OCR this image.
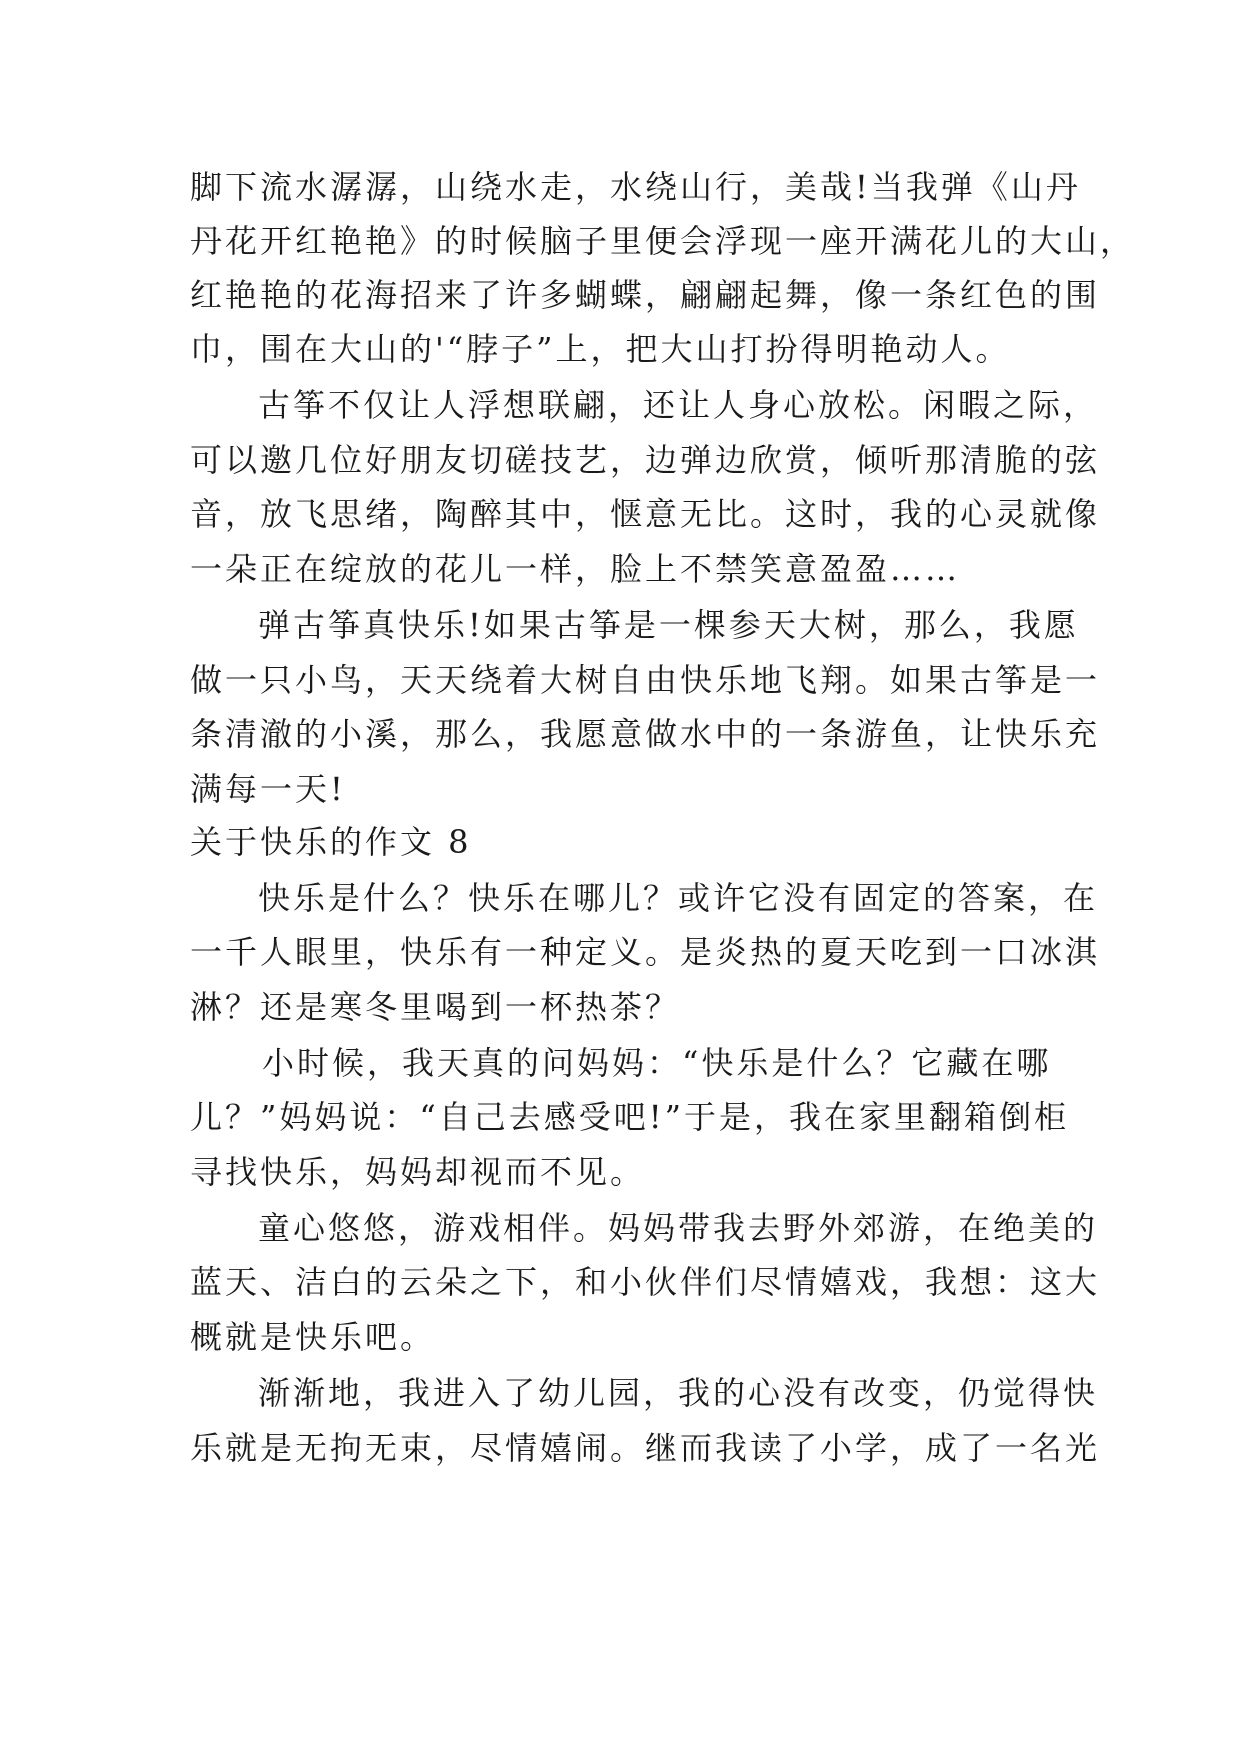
脚下流水潺潺，山绕水走，水绕山行，美哉!当我弹《山丹
丹花开红艳艳》的时候脑子里便会浮现一座开满花儿的大山，
红艳艳的花海招来了许多蝴蝶，翩翩起舞，像一条红色的围
巾，围在大山的'“脖子”上，把大山打扮得明艳动人。
古筝不仅让人浮想联翩，还让人身心放松。闲暇之际，
可以邀几位好朋友切磋技艺，边弹边欣赏，倾听那清脆的弦
音，放飞思绪，陶醉其中，惬意无比。这时，我的心灵就像
一朵正在绽放的花儿一样，脸上不禁笑意盈盈……
弹古筝真快乐!如果古筝是一棵参天大树，那么，我愿
做一只小鸟，天天绕着大树自由快乐地飞翔。如果古筝是一
条清澈的小溪，那么，我愿意做水中的一条游鱼，让快乐充
满每一天!
关于快乐的作文 8
快乐是什么？快乐在哪儿？或许它没有固定的答案，在
一千人眼里，快乐有一种定义。是炎热的夏天吃到一口冰淇
淋？还是寒冬里喝到一杯热茶？
小时候，我天真的问妈妈：“快乐是什么？它藏在哪
儿？”妈妈说：“自己去感受吧!”于是，我在家里翻箱倒柜
寻找快乐，妈妈却视而不见。
童心悠悠，游戏相伴。妈妈带我去野外郊游，在绝美的
蓝天、洁白的云朵之下，和小伙伴们尽情嬉戏，我想：这大
概就是快乐吧。
渐渐地，我进入了幼儿园，我的心没有改变，仍觉得快
乐就是无拘无束，尽情嬉闹。继而我读了小学，成了一名光
